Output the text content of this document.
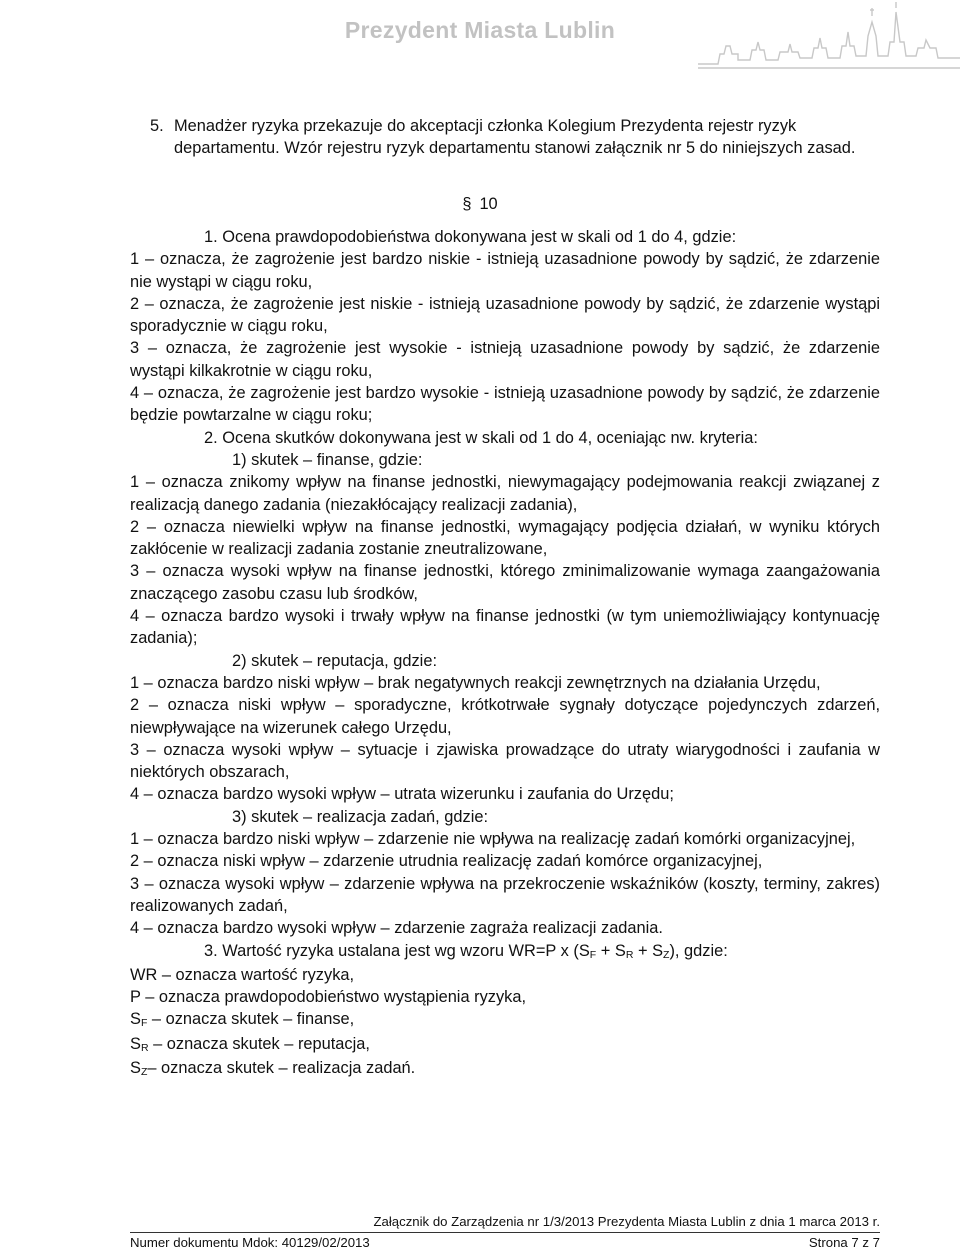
Prezydent Miasta Lublin
5. Menadżer ryzyka przekazuje do akceptacji członka Kolegium Prezydenta rejestr ryzyk departamentu. Wzór rejestru ryzyk departamentu stanowi załącznik nr 5 do niniejszych zasad.
§ 10

1. Ocena prawdopodobieństwa dokonywana jest w skali od 1 do 4, gdzie:

1 – oznacza, że zagrożenie jest bardzo niskie - istnieją uzasadnione powody by sądzić, że zdarzenie nie wystąpi w ciągu roku,

2 – oznacza, że zagrożenie jest niskie - istnieją uzasadnione powody by sądzić, że zdarzenie wystąpi sporadycznie w ciągu roku,

3 – oznacza, że zagrożenie jest wysokie - istnieją uzasadnione powody by sądzić, że zdarzenie wystąpi kilkakrotnie w ciągu roku,

4 – oznacza, że zagrożenie jest bardzo wysokie - istnieją uzasadnione powody by sądzić, że zdarzenie będzie powtarzalne w ciągu roku;

2. Ocena skutków dokonywana jest w skali od 1 do 4, oceniając nw. kryteria:

1) skutek – finanse, gdzie:

1 – oznacza znikomy wpływ na finanse jednostki, niewymagający podejmowania reakcji związanej z realizacją danego zadania (niezakłócający realizacji zadania),

2 – oznacza niewielki wpływ na finanse jednostki, wymagający podjęcia działań, w wyniku których zakłócenie w realizacji zadania zostanie zneutralizowane,

3 – oznacza wysoki wpływ na finanse jednostki, którego zminimalizowanie wymaga zaangażowania znaczącego zasobu czasu lub środków,

4 – oznacza bardzo wysoki i trwały wpływ na finanse jednostki (w tym uniemożliwiający kontynuację zadania);

2) skutek – reputacja, gdzie:

1 – oznacza bardzo niski wpływ – brak negatywnych reakcji zewnętrznych na działania Urzędu,

2 – oznacza niski wpływ – sporadyczne, krótkotrwałe sygnały dotyczące pojedynczych zdarzeń, niewpływające na wizerunek całego Urzędu,

3 – oznacza wysoki wpływ – sytuacje i zjawiska prowadzące do utraty wiarygodności i zaufania w niektórych obszarach,

4 – oznacza bardzo wysoki wpływ – utrata wizerunku i zaufania do Urzędu;

3) skutek – realizacja zadań, gdzie:

1 – oznacza bardzo niski wpływ – zdarzenie nie wpływa na realizację zadań komórki organizacyjnej,

2 – oznacza niski wpływ – zdarzenie utrudnia realizację zadań komórce organizacyjnej,

3 – oznacza wysoki wpływ – zdarzenie wpływa na przekroczenie wskaźników (koszty, terminy, zakres) realizowanych zadań,

4 – oznacza bardzo wysoki wpływ – zdarzenie zagraża realizacji zadania.

3. Wartość ryzyka ustalana jest wg wzoru WR=P x $(S_F + S_R + S_Z)$, gdzie:

WR – oznacza wartość ryzyka,

P – oznacza prawdopodobieństwo wystąpienia ryzyka,

$S_F$ – oznacza skutek – finanse,

$S_R$ – oznacza skutek – reputacja,

$S_Z-$ oznacza skutek – realizacja zadań.

Załącznik do Zarządzenia nr 1/3/2013 Prezydenta Miasta Lublin z dnia 1 marca 2013 r.
Numer dokumentu Mdok: 40129/02/2013	Strona 7 z 7
